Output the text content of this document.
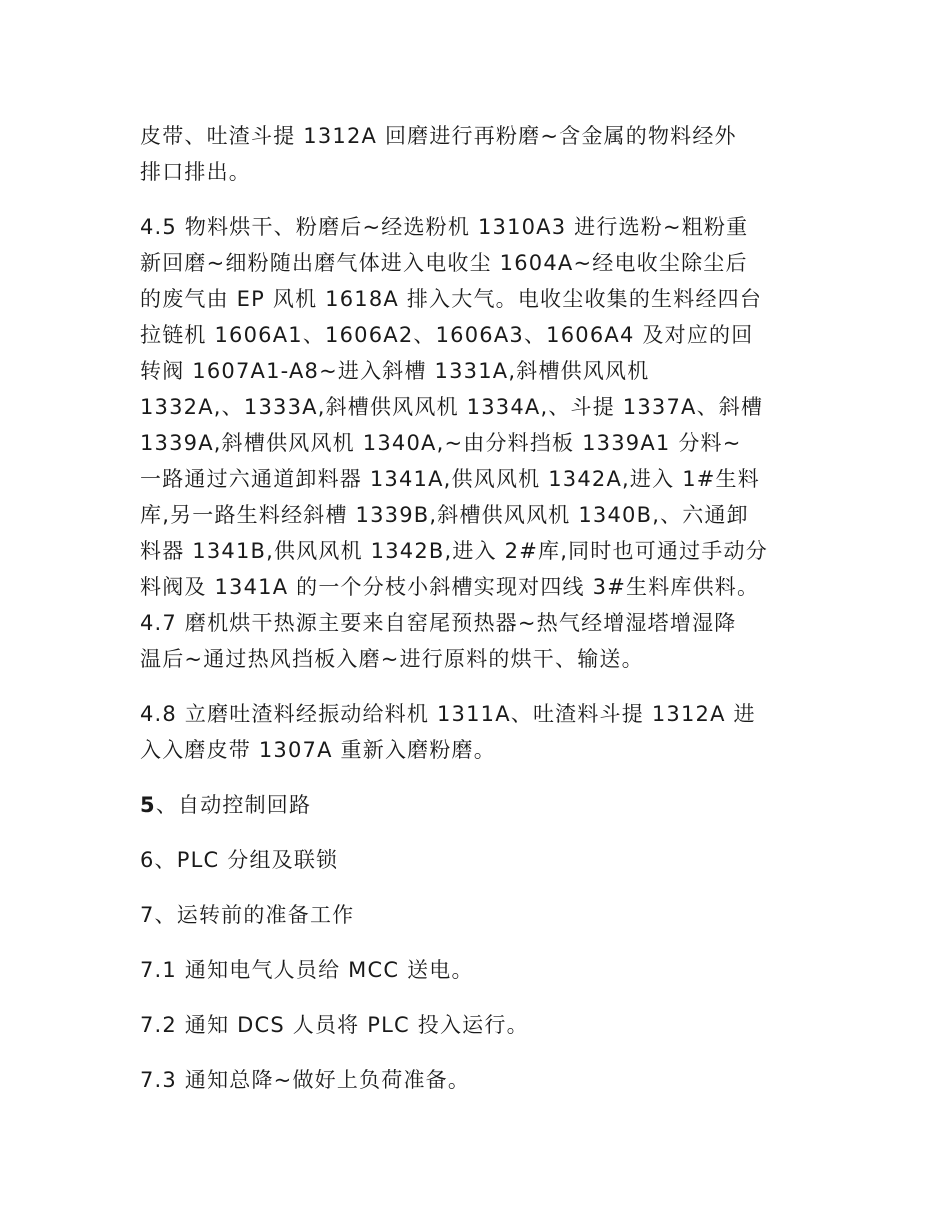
皮带、吐渣斗提 1312A 回磨进行再粉磨~含金属的物料经外
排口排出。
4.5 物料烘干、粉磨后~经选粉机 1310A3 进行选粉~粗粉重
新回磨~细粉随出磨气体进入电收尘 1604A~经电收尘除尘后
的废气由 EP 风机 1618A 排入大气。电收尘收集的生料经四台
拉链机 1606A1、1606A2、1606A3、1606A4 及对应的回
转阀 1607A1-A8~进入斜槽 1331A,斜槽供风风机
1332A,、1333A,斜槽供风风机 1334A,、斗提 1337A、斜槽
1339A,斜槽供风风机 1340A,~由分料挡板 1339A1 分料~
一路通过六通道卸料器 1341A,供风风机 1342A,进入 1#生料
库,另一路生料经斜槽 1339B,斜槽供风风机 1340B,、六通卸
料器 1341B,供风风机 1342B,进入 2#库,同时也可通过手动分
料阀及 1341A 的一个分枝小斜槽实现对四线 3#生料库供料。
4.7 磨机烘干热源主要来自窑尾预热器~热气经增湿塔增湿降
温后~通过热风挡板入磨~进行原料的烘干、输送。
4.8 立磨吐渣料经振动给料机 1311A、吐渣料斗提 1312A 进
入入磨皮带 1307A 重新入磨粉磨。
5、自动控制回路
6、PLC 分组及联锁
7、运转前的准备工作
7.1 通知电气人员给 MCC 送电。
7.2 通知 DCS 人员将 PLC 投入运行。
7.3 通知总降~做好上负荷准备。
